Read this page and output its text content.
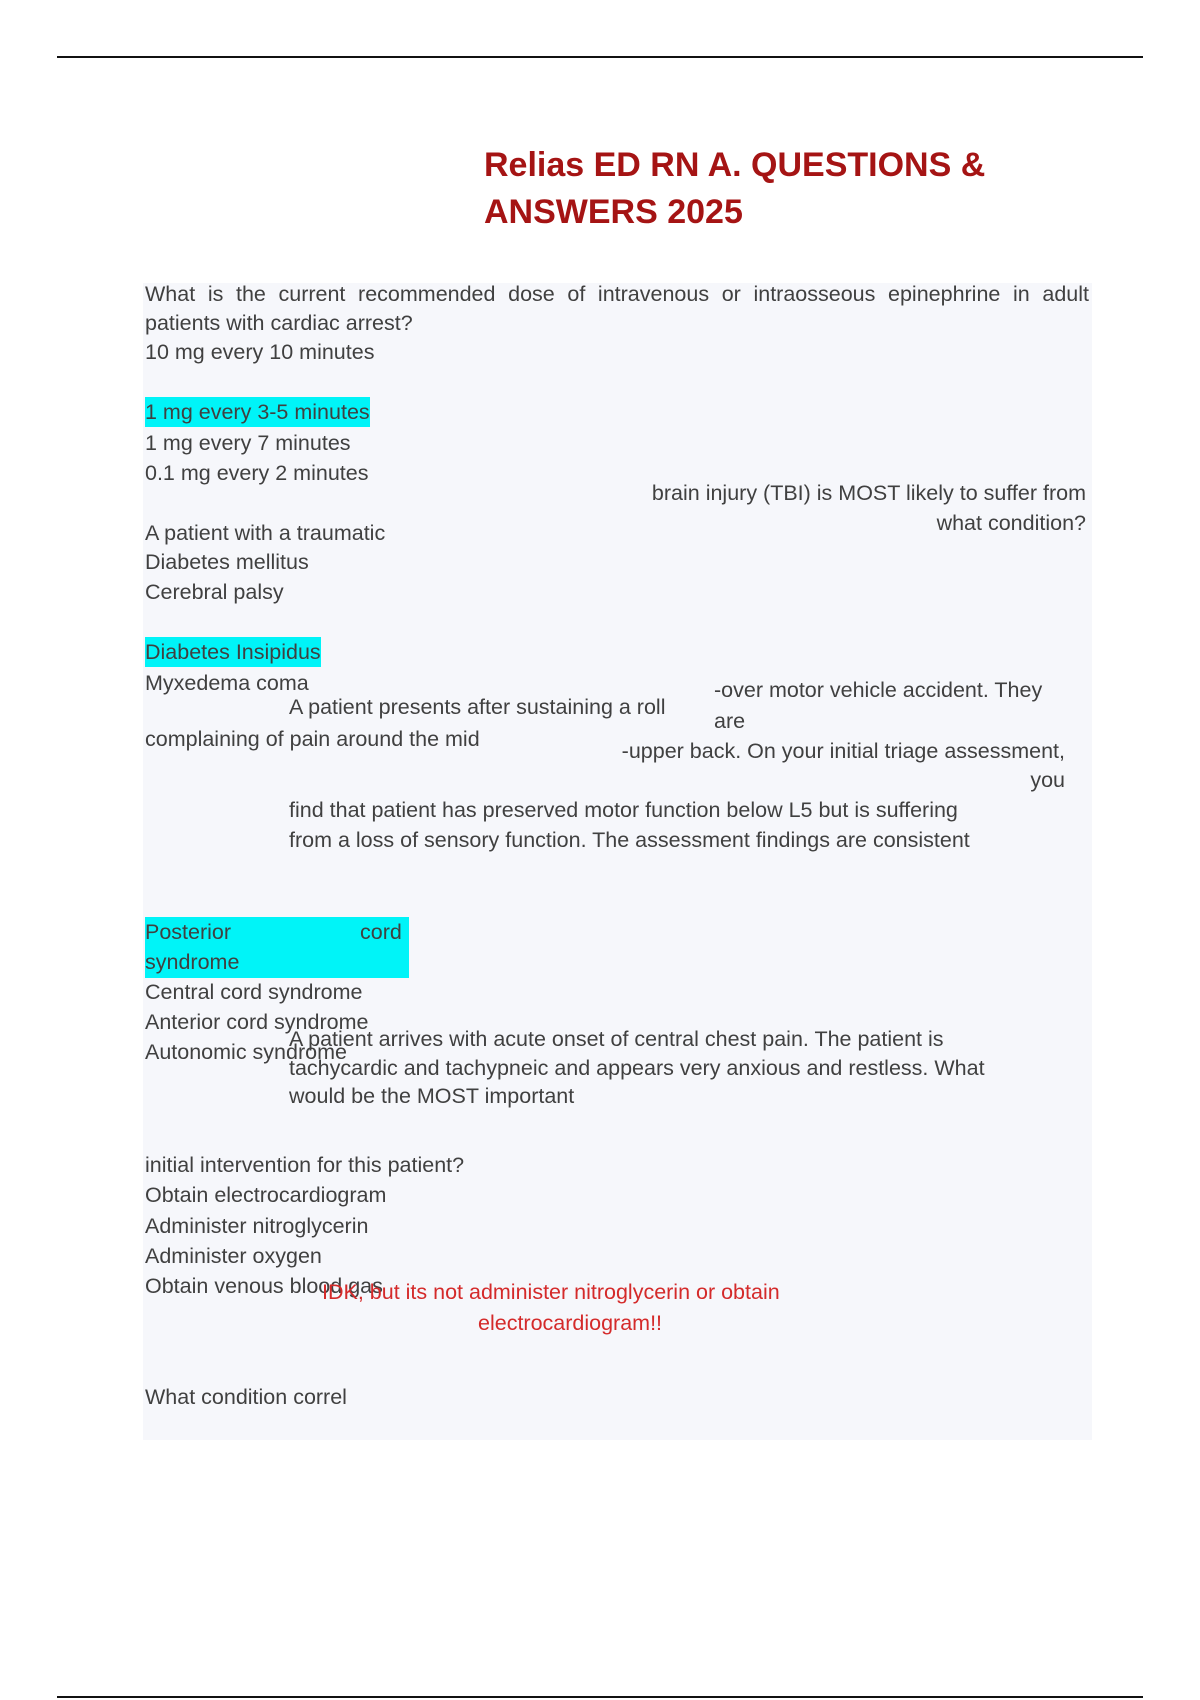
Relias ED RN A. QUESTIONS &
ANSWERS 2025
What is the current recommended dose of intravenous or intraosseous epinephrine in adult patients with cardiac arrest?
10 mg every 10 minutes
1 mg every 3-5 minutes
1 mg every 7 minutes
0.1 mg every 2 minutes
brain injury (TBI) is MOST likely to suffer from
what condition?
A patient with a traumatic
Diabetes mellitus
Cerebral palsy
Diabetes Insipidus
Myxedema coma
A patient presents after sustaining a roll
-over motor vehicle accident. They
are
complaining of pain around the mid	-upper back. On your initial triage assessment,
you
find that patient has preserved motor function below L5 but is suffering
from a loss of sensory function. The assessment findings are consistent
Posterior	cord
syndrome
Central cord syndrome
Anterior cord syndrome
Autonomic syndrome
A patient arrives with acute onset of central chest pain. The patient is
tachycardic and tachypneic and appears very anxious and restless. What
would be the MOST important
initial intervention for this patient?
Obtain electrocardiogram
Administer nitroglycerin
Administer oxygen
Obtain venous blood gas
IDK, but its not administer nitroglycerin or obtain
electrocardiogram!!
What condition correl
